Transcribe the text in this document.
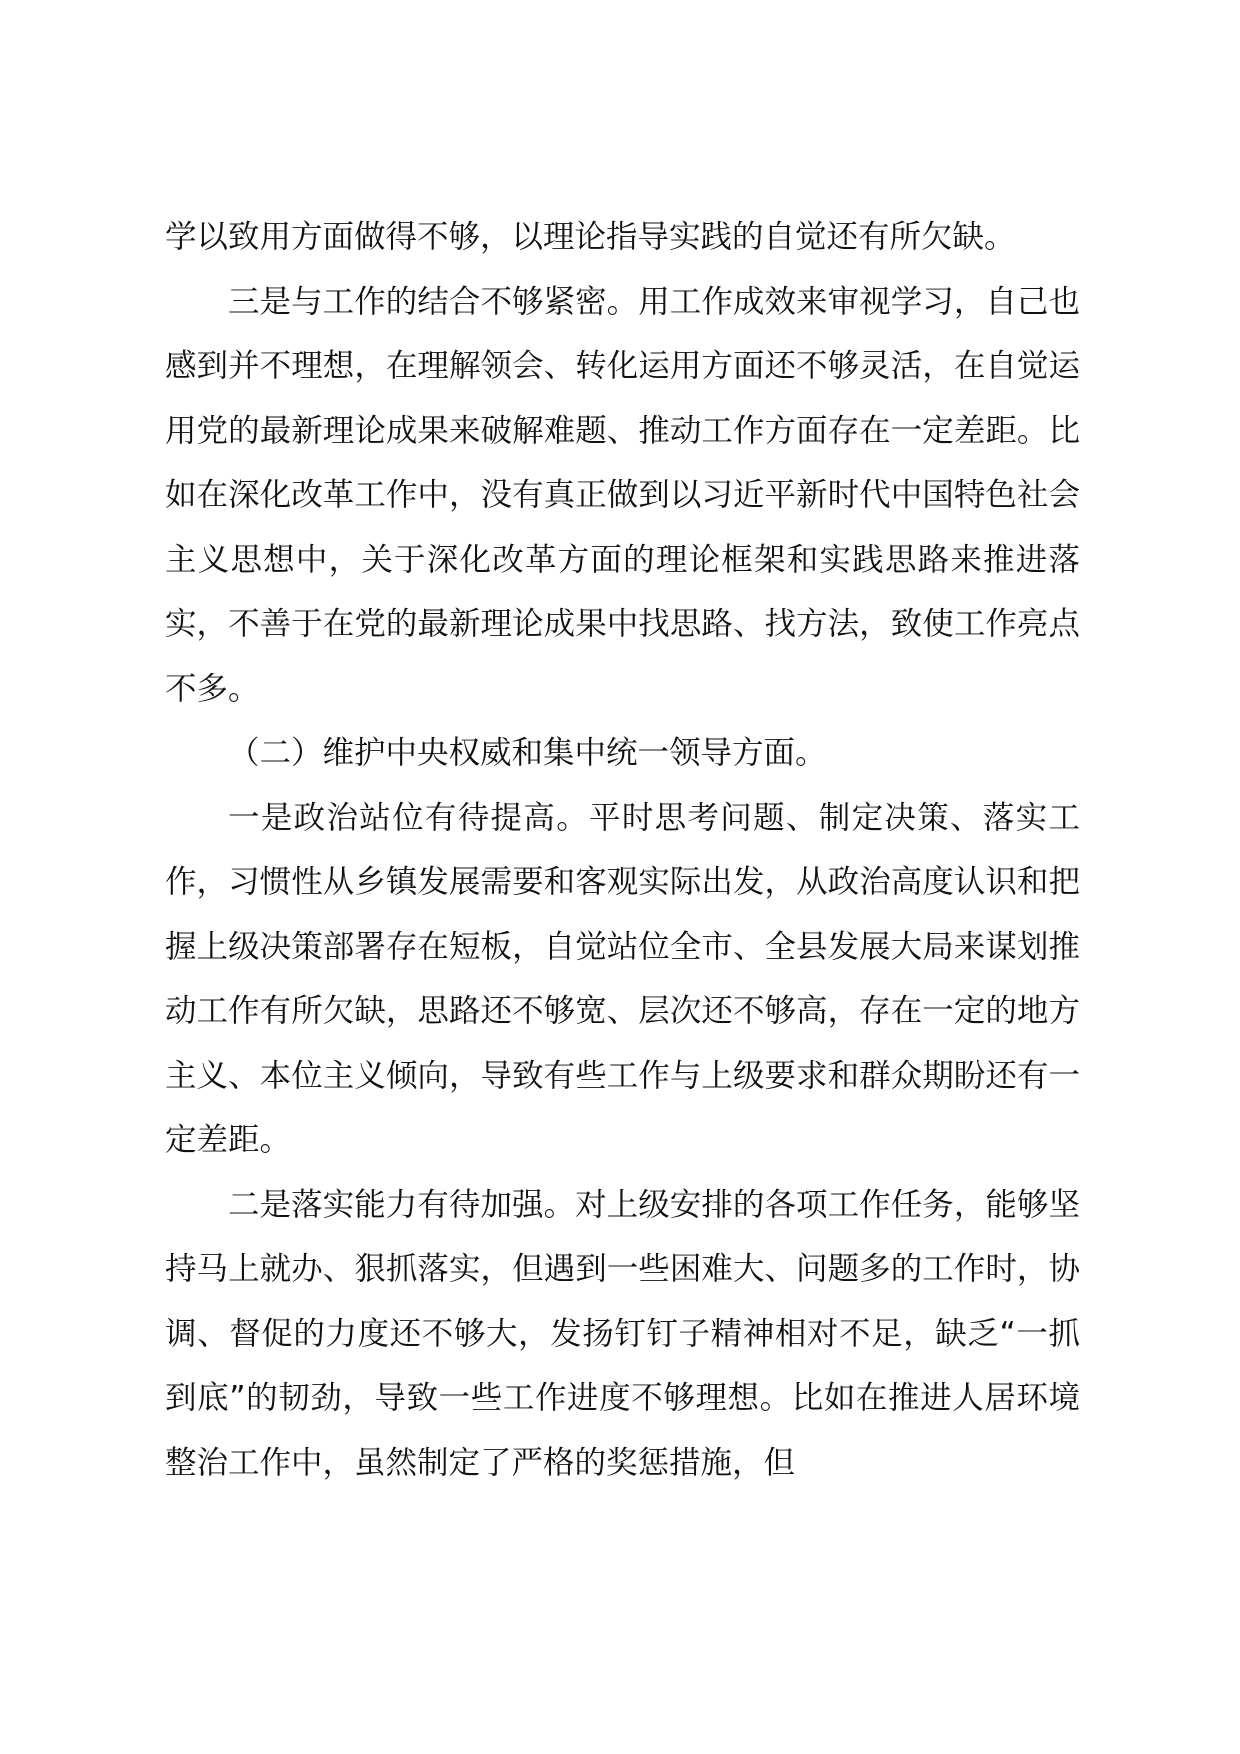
学以致用方面做得不够，以理论指导实践的自觉还有所欠缺。

三是与工作的结合不够紧密。用工作成效来审视学习，自己也感到并不理想，在理解领会、转化运用方面还不够灵活，在自觉运用党的最新理论成果来破解难题、推动工作方面存在一定差距。比如在深化改革工作中，没有真正做到以习近平新时代中国特色社会主义思想中，关于深化改革方面的理论框架和实践思路来推进落实，不善于在党的最新理论成果中找思路、找方法，致使工作亮点不多。

（二）维护中央权威和集中统一领导方面。

一是政治站位有待提高。平时思考问题、制定决策、落实工作，习惯性从乡镇发展需要和客观实际出发，从政治高度认识和把握上级决策部署存在短板，自觉站位全市、全县发展大局来谋划推动工作有所欠缺，思路还不够宽、层次还不够高，存在一定的地方主义、本位主义倾向，导致有些工作与上级要求和群众期盼还有一定差距。

二是落实能力有待加强。对上级安排的各项工作任务，能够坚持马上就办、狠抓落实，但遇到一些困难大、问题多的工作时，协调、督促的力度还不够大，发扬钉钉子精神相对不足，缺乏“一抓到底”的韧劲，导致一些工作进度不够理想。比如在推进人居环境整治工作中，虽然制定了严格的奖惩措施，但
